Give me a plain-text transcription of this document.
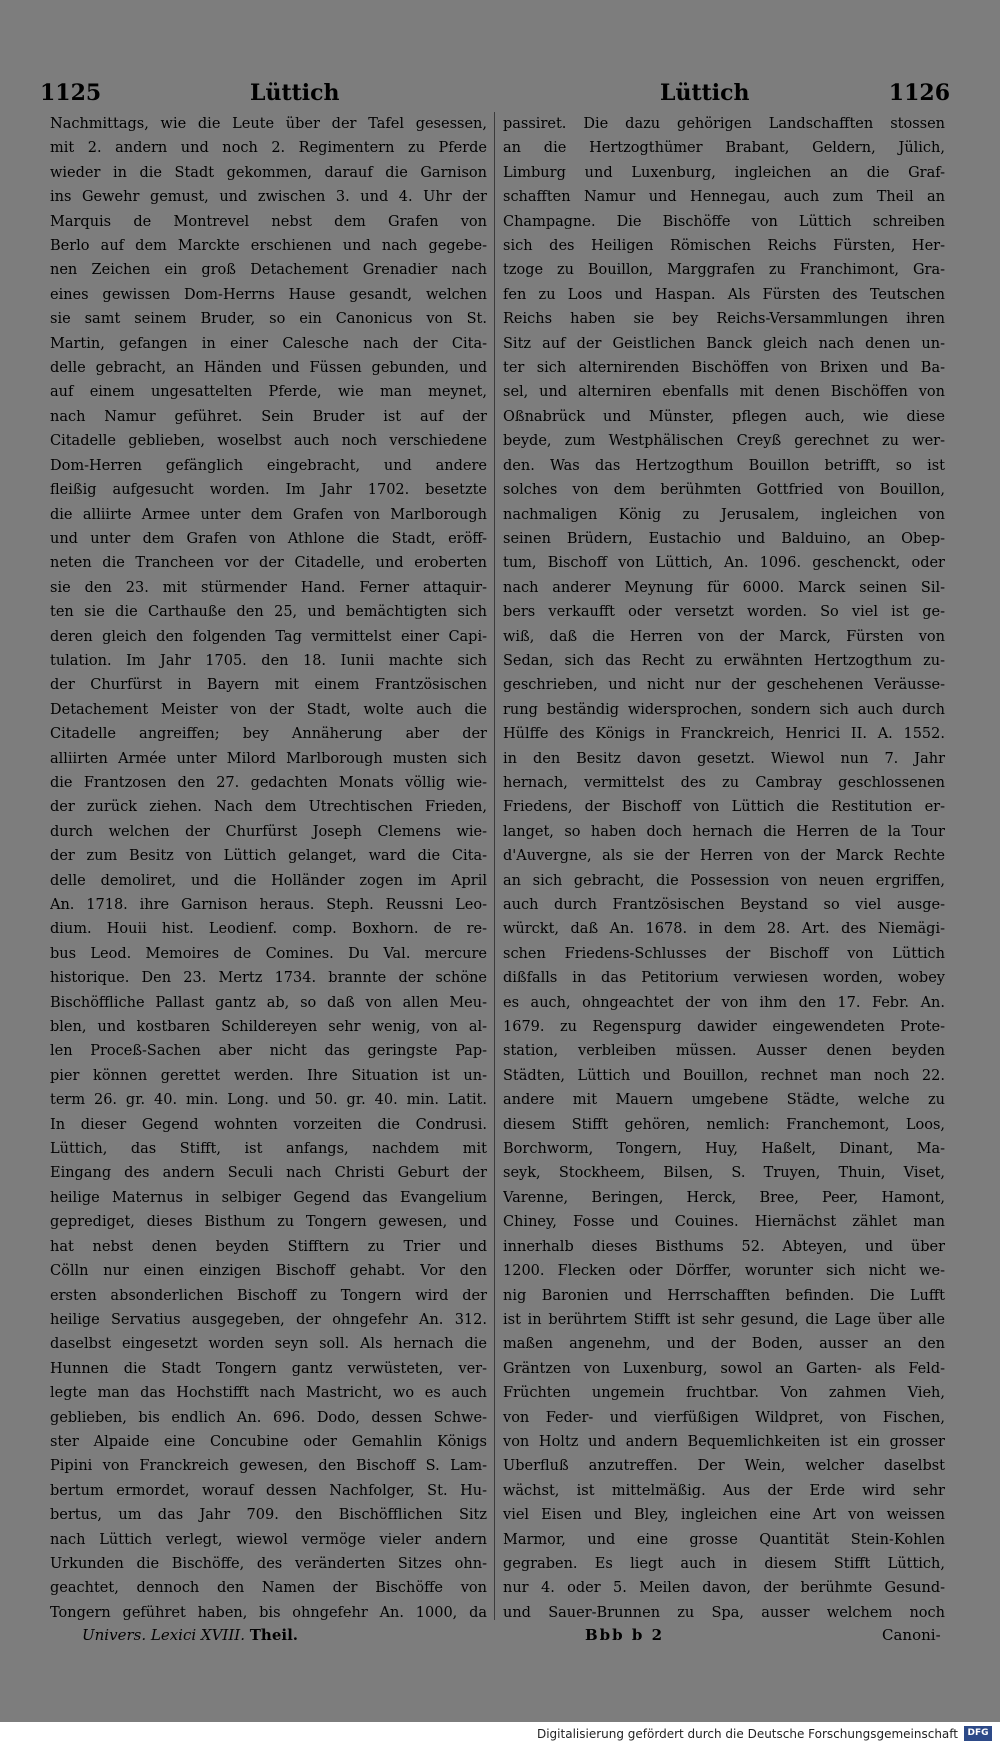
1125	Lüttich	Lüttich	1126
Nachmittags, wie die Leute über der Tafel gesessen,
mit 2. andern und noch 2. Regimentern zu Pferde
wieder in die Stadt gekommen, darauf die Garnison
ins Gewehr gemust, und zwischen 3. und 4. Uhr der
Marquis de Montrevel nebst dem Grafen von
Berlo auf dem Marckte erschienen und nach gegebe-
nen Zeichen ein groß Detachement Grenadier nach
eines gewissen Dom-Herrns Hause gesandt, welchen
sie samt seinem Bruder, so ein Canonicus von St.
Martin, gefangen in einer Calesche nach der Cita-
delle gebracht, an Händen und Füssen gebunden, und
auf einem ungesattelten Pferde, wie man meynet,
nach Namur geführet. Sein Bruder ist auf der
Citadelle geblieben, woselbst auch noch verschiedene
Dom-Herren gefänglich eingebracht, und andere
fleißig aufgesucht worden. Im Jahr 1702. besetzte
die alliirte Armee unter dem Grafen von Marlborough
und unter dem Grafen von Athlone die Stadt, eröff-
neten die Trancheen vor der Citadelle, und eroberten
sie den 23. mit stürmender Hand. Ferner attaquir-
ten sie die Carthauße den 25, und bemächtigten sich
deren gleich den folgenden Tag vermittelst einer Capi-
tulation. Im Jahr 1705. den 18. Iunii machte sich
der Churfürst in Bayern mit einem Frantzösischen
Detachement Meister von der Stadt, wolte auch die
Citadelle angreiffen; bey Annäherung aber der
alliirten Armée unter Milord Marlborough musten sich
die Frantzosen den 27. gedachten Monats völlig wie-
der zurück ziehen. Nach dem Utrechtischen Frieden,
durch welchen der Churfürst Joseph Clemens wie-
der zum Besitz von Lüttich gelanget, ward die Cita-
delle demoliret, und die Holländer zogen im April
An. 1718. ihre Garnison heraus. Steph. Reussni Leo-
dium. Houii hist. Leodienf. comp. Boxhorn. de re-
bus Leod. Memoires de Comines. Du Val. mercure
historique. Den 23. Mertz 1734. brannte der schöne
Bischöffliche Pallast gantz ab, so daß von allen Meu-
blen, und kostbaren Schildereyen sehr wenig, von al-
len Proceß-Sachen aber nicht das geringste Pap-
pier können gerettet werden. Ihre Situation ist un-
term 26. gr. 40. min. Long. und 50. gr. 40. min. Latit.
In dieser Gegend wohnten vorzeiten die Condrusi.
Lüttich, das Stifft, ist anfangs, nachdem mit
Eingang des andern Seculi nach Christi Geburt der
heilige Maternus in selbiger Gegend das Evangelium
geprediget, dieses Bisthum zu Tongern gewesen, und
hat nebst denen beyden Stifftern zu Trier und
Cölln nur einen einzigen Bischoff gehabt. Vor den
ersten absonderlichen Bischoff zu Tongern wird der
heilige Servatius ausgegeben, der ohngefehr An. 312.
daselbst eingesetzt worden seyn soll. Als hernach die
Hunnen die Stadt Tongern gantz verwüsteten, ver-
legte man das Hochstifft nach Mastricht, wo es auch
geblieben, bis endlich An. 696. Dodo, dessen Schwe-
ster Alpaide eine Concubine oder Gemahlin Königs
Pipini von Franckreich gewesen, den Bischoff S. Lam-
bertum ermordet, worauf dessen Nachfolger, St. Hu-
bertus, um das Jahr 709. den Bischöfflichen Sitz
nach Lüttich verlegt, wiewol vermöge vieler andern
Urkunden die Bischöffe, des veränderten Sitzes ohn-
geachtet, dennoch den Namen der Bischöffe von
Tongern geführet haben, bis ohngefehr An. 1000, da
passiret. Die dazu gehörigen Landschafften stossen
an die Hertzogthümer Brabant, Geldern, Jülich,
Limburg und Luxenburg, ingleichen an die Graf-
schafften Namur und Hennegau, auch zum Theil an
Champagne. Die Bischöffe von Lüttich schreiben
sich des Heiligen Römischen Reichs Fürsten, Her-
tzoge zu Bouillon, Marggrafen zu Franchimont, Gra-
fen zu Loos und Haspan. Als Fürsten des Teutschen
Reichs haben sie bey Reichs-Versammlungen ihren
Sitz auf der Geistlichen Banck gleich nach denen un-
ter sich alternirenden Bischöffen von Brixen und Ba-
sel, und alterniren ebenfalls mit denen Bischöffen von
Oßnabrück und Münster, pflegen auch, wie diese
beyde, zum Westphälischen Creyß gerechnet zu wer-
den. Was das Hertzogthum Bouillon betrifft, so ist
solches von dem berühmten Gottfried von Bouillon,
nachmaligen König zu Jerusalem, ingleichen von
seinen Brüdern, Eustachio und Balduino, an Obep-
tum, Bischoff von Lüttich, An. 1096. geschenckt, oder
nach anderer Meynung für 6000. Marck seinen Sil-
bers verkaufft oder versetzt worden. So viel ist ge-
wiß, daß die Herren von der Marck, Fürsten von
Sedan, sich das Recht zu erwähnten Hertzogthum zu-
geschrieben, und nicht nur der geschehenen Veräusse-
rung beständig widersprochen, sondern sich auch durch
Hülffe des Königs in Franckreich, Henrici II. A. 1552.
in den Besitz davon gesetzt. Wiewol nun 7. Jahr
hernach, vermittelst des zu Cambray geschlossenen
Friedens, der Bischoff von Lüttich die Restitution er-
langet, so haben doch hernach die Herren de la Tour
d'Auvergne, als sie der Herren von der Marck Rechte
an sich gebracht, die Possession von neuen ergriffen,
auch durch Frantzösischen Beystand so viel ausge-
würckt, daß An. 1678. in dem 28. Art. des Niemägi-
schen Friedens-Schlusses der Bischoff von Lüttich
dißfalls in das Petitorium verwiesen worden, wobey
es auch, ohngeachtet der von ihm den 17. Febr. An.
1679. zu Regenspurg dawider eingewendeten Prote-
station, verbleiben müssen. Ausser denen beyden
Städten, Lüttich und Bouillon, rechnet man noch 22.
andere mit Mauern umgebene Städte, welche zu
diesem Stifft gehören, nemlich: Franchemont, Loos,
Borchworm, Tongern, Huy, Haßelt, Dinant, Ma-
seyk, Stockheem, Bilsen, S. Truyen, Thuin, Viset,
Varenne, Beringen, Herck, Bree, Peer, Hamont,
Chiney, Fosse und Couines. Hiernächst zählet man
innerhalb dieses Bisthums 52. Abteyen, und über
1200. Flecken oder Dörffer, worunter sich nicht we-
nig Baronien und Herrschafften befinden. Die Lufft
ist in berührtem Stifft ist sehr gesund, die Lage über alle
maßen angenehm, und der Boden, ausser an den
Gräntzen von Luxenburg, sowol an Garten- als Feld-
Früchten ungemein fruchtbar. Von zahmen Vieh,
von Feder- und vierfüßigen Wildpret, von Fischen,
von Holtz und andern Bequemlichkeiten ist ein grosser
Uberfluß anzutreffen. Der Wein, welcher daselbst
wächst, ist mittelmäßig. Aus der Erde wird sehr
viel Eisen und Bley, ingleichen eine Art von weissen
Marmor, und eine grosse Quantität Stein-Kohlen
gegraben. Es liegt auch in diesem Stifft Lüttich,
nur 4. oder 5. Meilen davon, der berühmte Gesund-
und Sauer-Brunnen zu Spa, ausser welchem noch
Univers. Lexici XVIII. Theil.	Bbb b 2	Canoni-
Digitalisierung gefördert durch die Deutsche Forschungsgemeinschaft	DFG
